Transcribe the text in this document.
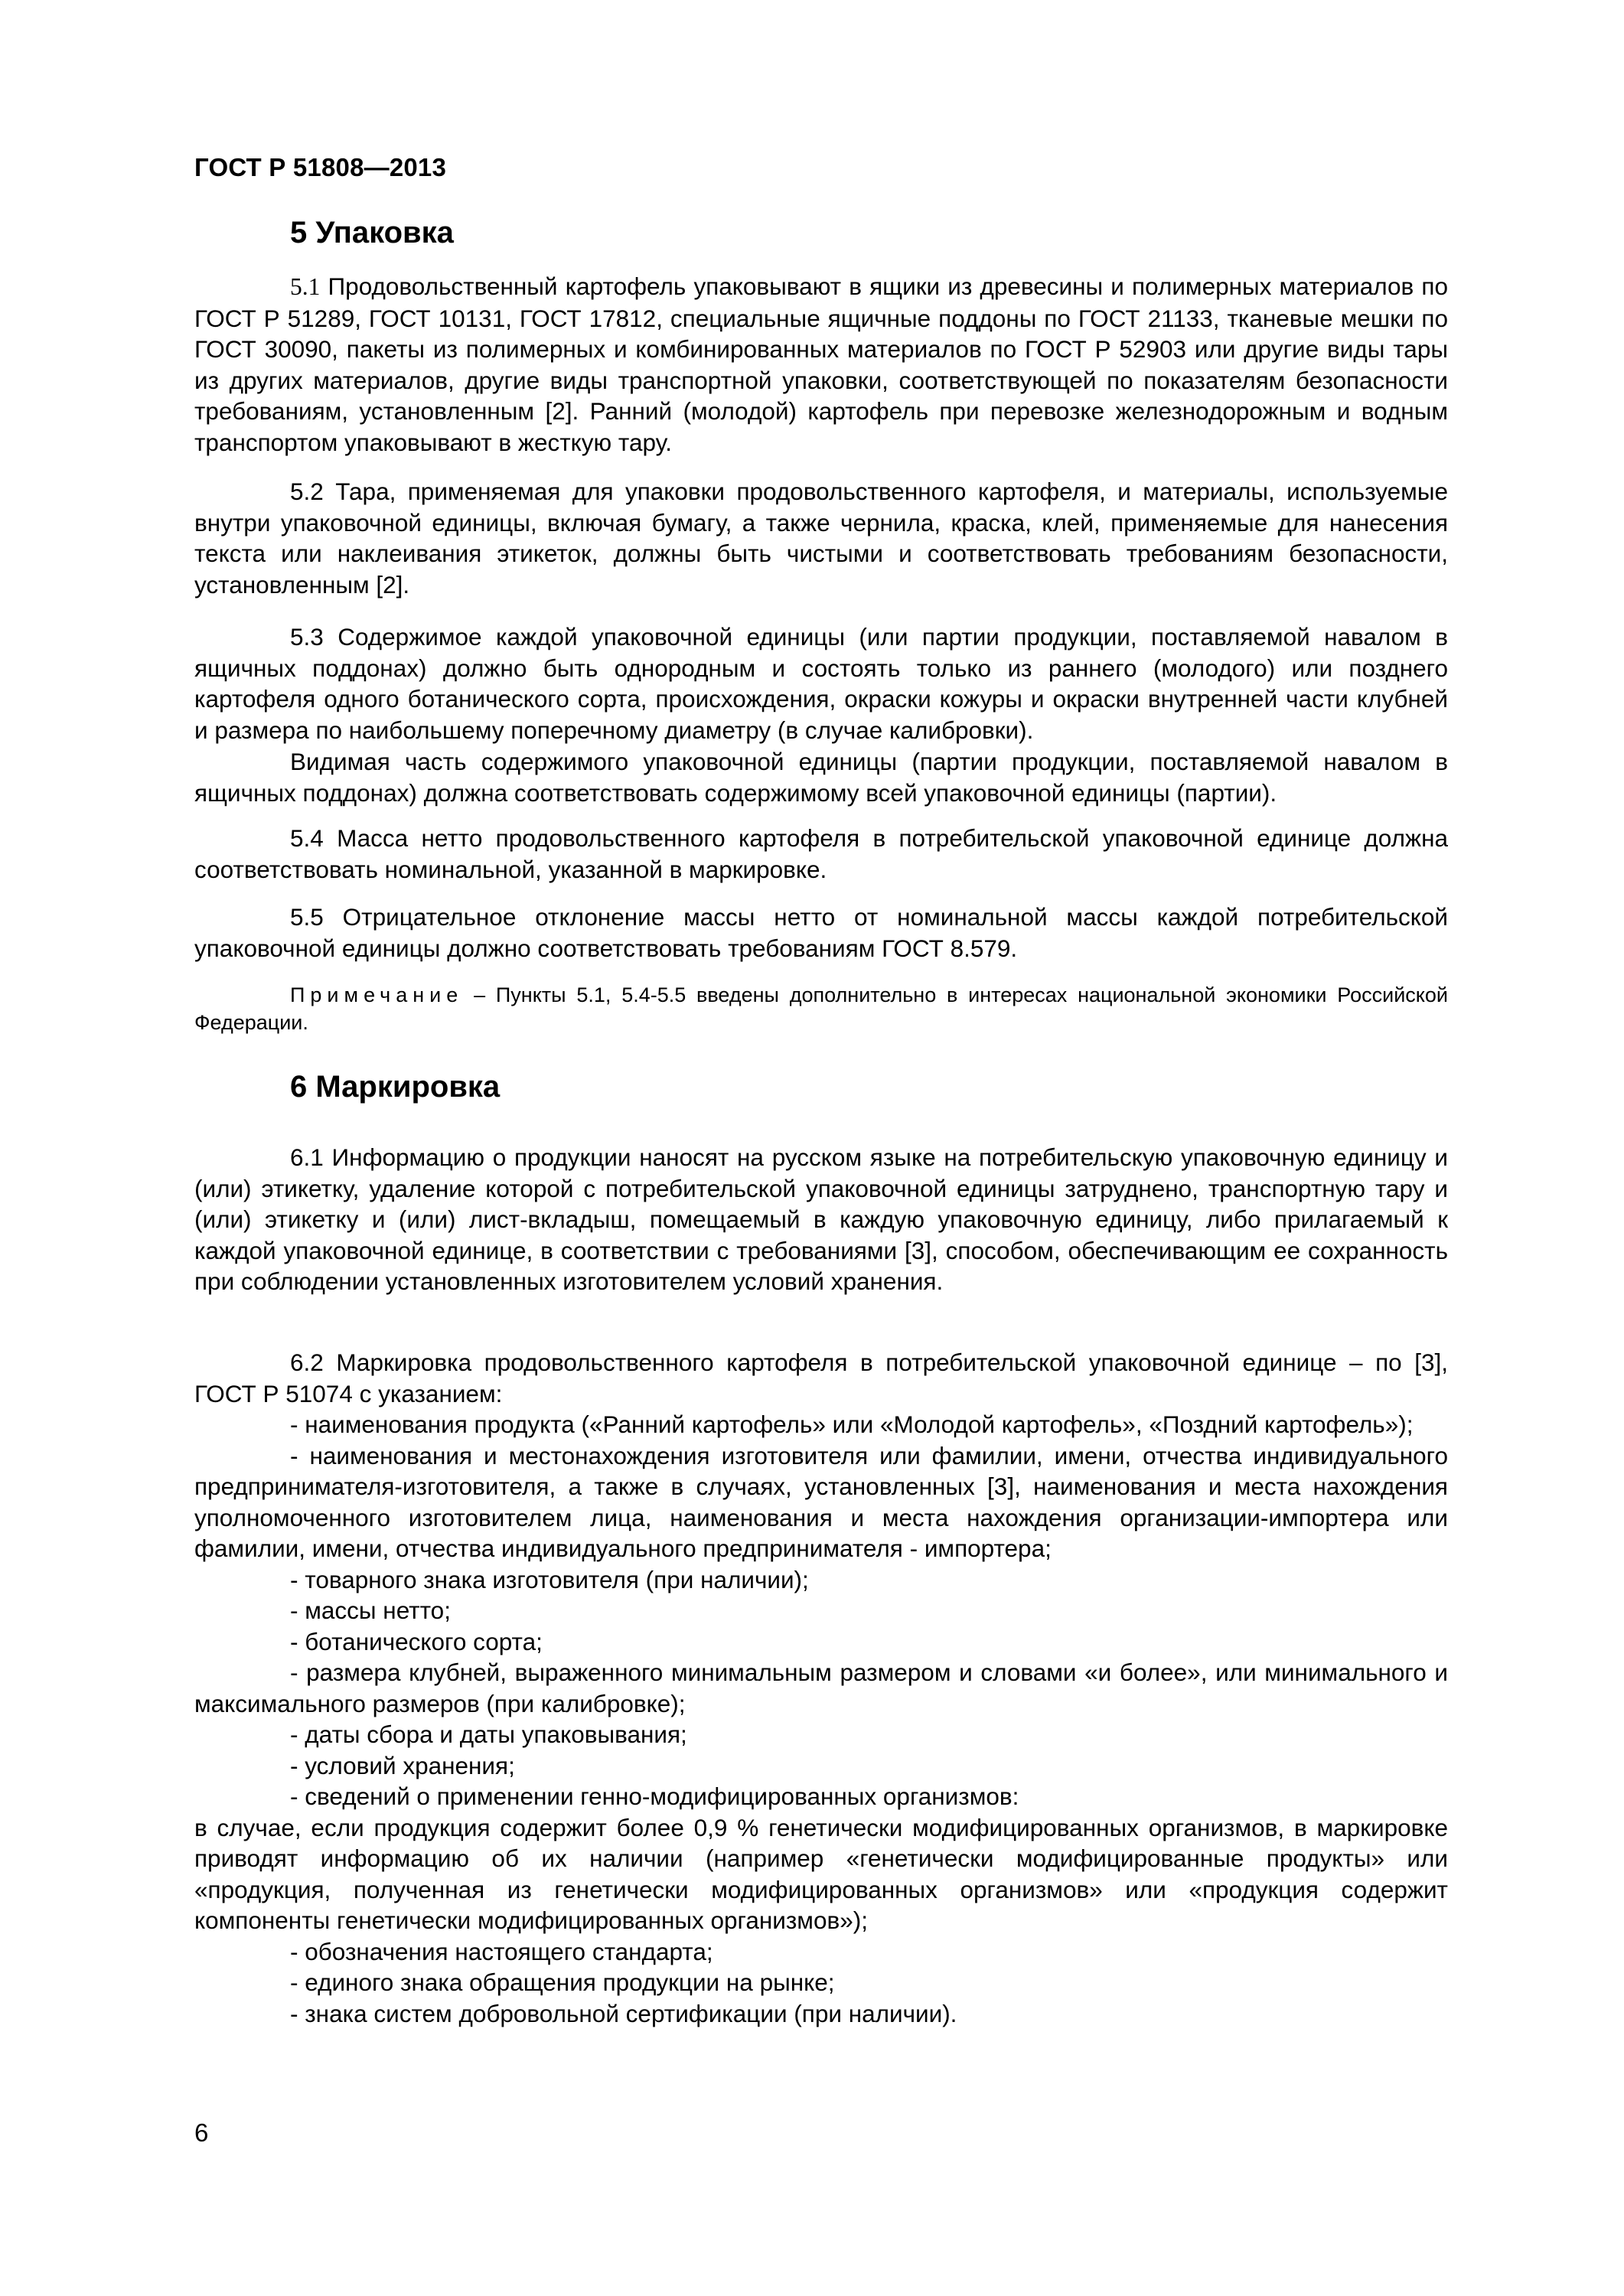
ГОСТ Р 51808—2013
5 Упаковка

5.1 Продовольственный картофель упаковывают в ящики из древесины и полимерных материалов по ГОСТ Р 51289, ГОСТ 10131, ГОСТ 17812, специальные ящичные поддоны по ГОСТ 21133, тканевые мешки по ГОСТ 30090, пакеты из полимерных и комбинированных материалов по ГОСТ Р 52903 или другие виды тары из других материалов, другие виды транспортной упаковки, соответствующей по показателям безопасности требованиям, установленным [2]. Ранний (молодой) картофель при перевозке железнодорожным и водным транспортом упаковывают в жесткую тару.

5.2 Тара, применяемая для упаковки продовольственного картофеля, и материалы, используемые внутри упаковочной единицы, включая бумагу, а также чернила, краска, клей, применяемые для нанесения текста или наклеивания этикеток, должны быть чистыми и соответствовать требованиям безопасности, установленным [2].

5.3 Содержимое каждой упаковочной единицы (или партии продукции, поставляемой навалом в ящичных поддонах) должно быть однородным и состоять только из раннего (молодого) или позднего картофеля одного ботанического сорта, происхождения, окраски кожуры и окраски внутренней части клубней и размера по наибольшему поперечному диаметру (в случае калибровки).

Видимая часть содержимого упаковочной единицы (партии продукции, поставляемой навалом в ящичных поддонах) должна соответствовать содержимому всей упаковочной единицы (партии).

5.4 Масса нетто продовольственного картофеля в потребительской упаковочной единице должна соответствовать номинальной, указанной в маркировке.

5.5 Отрицательное отклонение массы нетто от номинальной массы каждой потребительской упаковочной единицы должно соответствовать требованиям ГОСТ 8.579.

Примечание – Пункты 5.1, 5.4-5.5 введены дополнительно в интересах национальной экономики Российской Федерации.

6 Маркировка

6.1 Информацию о продукции наносят на русском языке на потребительскую упаковочную единицу и (или) этикетку, удаление которой с потребительской упаковочной единицы затруднено, транспортную тару и (или) этикетку и (или) лист-вкладыш, помещаемый в каждую упаковочную единицу, либо прилагаемый к каждой упаковочной единице, в соответствии с требованиями [3], способом, обеспечивающим ее сохранность при соблюдении установленных изготовителем условий хранения.

6.2 Маркировка продовольственного картофеля в потребительской упаковочной единице – по [3], ГОСТ Р 51074 с указанием:

- наименования продукта («Ранний картофель» или «Молодой картофель», «Поздний картофель»);

- наименования и местонахождения изготовителя или фамилии, имени, отчества индивидуального предпринимателя-изготовителя, а также в случаях, установленных [3], наименования и места нахождения уполномоченного изготовителем лица, наименования и места нахождения организации-импортера или фамилии, имени, отчества индивидуального предпринимателя - импортера;

- товарного знака изготовителя (при наличии);

- массы нетто;

- ботанического сорта;

- размера клубней, выраженного минимальным размером и словами «и более», или минимального и максимального размеров (при калибровке);

- даты сбора и даты упаковывания;

- условий хранения;

- сведений о применении генно-модифицированных организмов:

в случае, если продукция содержит более 0,9 % генетически модифицированных организмов, в маркировке приводят информацию об их наличии (например «генетически модифицированные продукты» или «продукция, полученная из генетически модифицированных организмов» или «продукция содержит компоненты генетически модифицированных организмов»);

- обозначения настоящего стандарта;

- единого знака обращения продукции на рынке;

- знака систем добровольной сертификации (при наличии).

6
